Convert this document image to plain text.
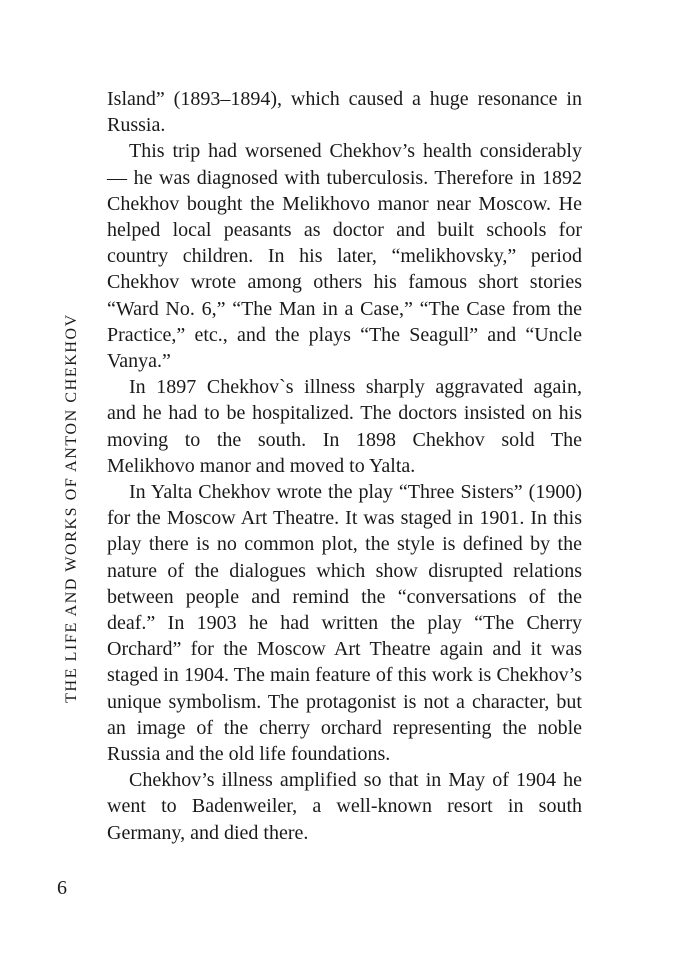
THE LIFE AND WORKS OF ANTON CHEKHOV

Island” (1893–1894), which caused a huge resonance in Russia.

This trip had worsened Chekhov’s health considerably — he was diagnosed with tuberculosis. Therefore in 1892 Chekhov bought the Melikhovo manor near Moscow. He helped local peasants as doctor and built schools for country children. In his later, “melikhovsky,” period Chekhov wrote among others his famous short stories “Ward No. 6,” “The Man in a Case,” “The Case from the Practice,” etc., and the plays “The Seagull” and “Uncle Vanya.”

In 1897 Chekhov`s illness sharply aggravated again, and he had to be hospitalized. The doctors insisted on his moving to the south. In 1898 Chekhov sold The Melikhovo manor and moved to Yalta.

In Yalta Chekhov wrote the play “Three Sisters” (1900) for the Moscow Art Theatre. It was staged in 1901. In this play there is no common plot, the style is defined by the nature of the dialogues which show disrupted relations between people and remind the “conversations of the deaf.” In 1903 he had written the play “The Cherry Orchard” for the Moscow Art Theatre again and it was staged in 1904. The main feature of this work is Chekhov’s unique symbolism. The protagonist is not a character, but an image of the cherry orchard representing the noble Russia and the old life foundations.

Chekhov’s illness amplified so that in May of 1904 he went to Badenweiler, a well-known resort in south Germany, and died there.

6
